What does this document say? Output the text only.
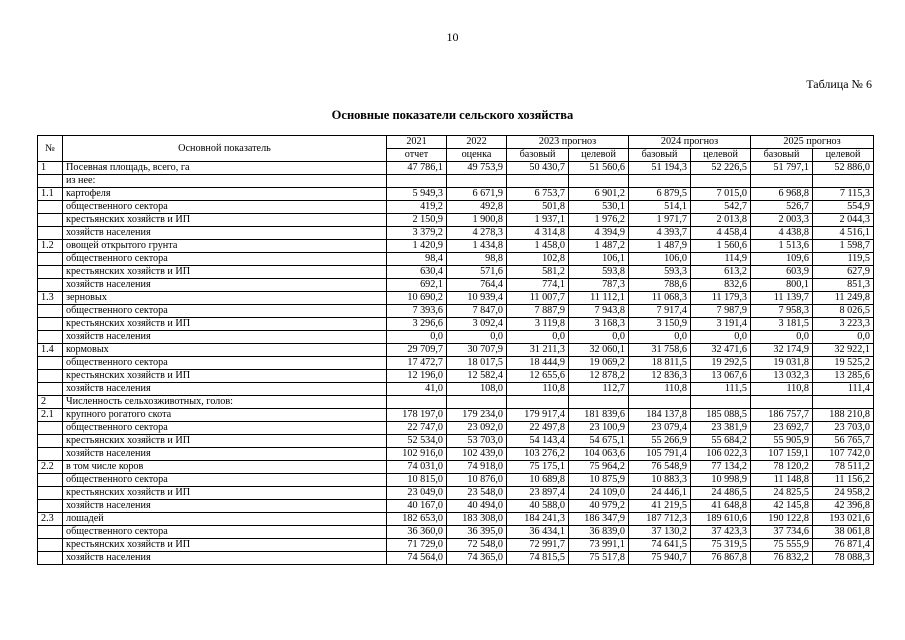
10
Таблица № 6
Основные показатели сельского хозяйства
№	Основной показатель	2021	2022	2023 прогноз		2024 прогноз		2025 прогноз	
		отчет	оценка	базовый	целевой	базовый	целевой	базовый	целевой
1	Посевная площадь, всего, га	47 786,1	49 753,9	50 430,7	51 560,6	51 194,3	52 226,5	51 797,1	52 886,0
	из нее:								
1.1	картофеля	5 949,3	6 671,9	6 753,7	6 901,2	6 879,5	7 015,0	6 968,8	7 115,3
	общественного сектора	419,2	492,8	501,8	530,1	514,1	542,7	526,7	554,9
	крестьянских хозяйств и ИП	2 150,9	1 900,8	1 937,1	1 976,2	1 971,7	2 013,8	2 003,3	2 044,3
	хозяйств населения	3 379,2	4 278,3	4 314,8	4 394,9	4 393,7	4 458,4	4 438,8	4 516,1
1.2	овощей открытого грунта	1 420,9	1 434,8	1 458,0	1 487,2	1 487,9	1 560,6	1 513,6	1 598,7
	общественного сектора	98,4	98,8	102,8	106,1	106,0	114,9	109,6	119,5
	крестьянских хозяйств и ИП	630,4	571,6	581,2	593,8	593,3	613,2	603,9	627,9
	хозяйств населения	692,1	764,4	774,1	787,3	788,6	832,6	800,1	851,3
1.3	зерновых	10 690,2	10 939,4	11 007,7	11 112,1	11 068,3	11 179,3	11 139,7	11 249,8
	общественного сектора	7 393,6	7 847,0	7 887,9	7 943,8	7 917,4	7 987,9	7 958,3	8 026,5
	крестьянских хозяйств и ИП	3 296,6	3 092,4	3 119,8	3 168,3	3 150,9	3 191,4	3 181,5	3 223,3
	хозяйств населения	0,0	0,0	0,0	0,0	0,0	0,0	0,0	0,0
1.4	кормовых	29 709,7	30 707,9	31 211,3	32 060,1	31 758,6	32 471,6	32 174,9	32 922,1
	общественного сектора	17 472,7	18 017,5	18 444,9	19 069,2	18 811,5	19 292,5	19 031,8	19 525,2
	крестьянских хозяйств и ИП	12 196,0	12 582,4	12 655,6	12 878,2	12 836,3	13 067,6	13 032,3	13 285,6
	хозяйств населения	41,0	108,0	110,8	112,7	110,8	111,5	110,8	111,4
2	Численность сельхозживотных, голов:								
2.1	крупного рогатого скота	178 197,0	179 234,0	179 917,4	181 839,6	184 137,8	185 088,5	186 757,7	188 210,8
	общественного сектора	22 747,0	23 092,0	22 497,8	23 100,9	23 079,4	23 381,9	23 692,7	23 703,0
	крестьянских хозяйств и ИП	52 534,0	53 703,0	54 143,4	54 675,1	55 266,9	55 684,2	55 905,9	56 765,7
	хозяйств населения	102 916,0	102 439,0	103 276,2	104 063,6	105 791,4	106 022,3	107 159,1	107 742,0
2.2	в том числе коров	74 031,0	74 918,0	75 175,1	75 964,2	76 548,9	77 134,2	78 120,2	78 511,2
	общественного сектора	10 815,0	10 876,0	10 689,8	10 875,9	10 883,3	10 998,9	11 148,8	11 156,2
	крестьянских хозяйств и ИП	23 049,0	23 548,0	23 897,4	24 109,0	24 446,1	24 486,5	24 825,5	24 958,2
	хозяйств населения	40 167,0	40 494,0	40 588,0	40 979,2	41 219,5	41 648,8	42 145,8	42 396,8
2.3	лошадей	182 653,0	183 308,0	184 241,3	186 347,9	187 712,3	189 610,6	190 122,8	193 021,6
	общественного сектора	36 360,0	36 395,0	36 434,1	36 839,0	37 130,2	37 423,3	37 734,6	38 061,8
	крестьянских хозяйств и ИП	71 729,0	72 548,0	72 991,7	73 991,1	74 641,5	75 319,5	75 555,9	76 871,4
	хозяйств населения	74 564,0	74 365,0	74 815,5	75 517,8	75 940,7	76 867,8	76 832,2	78 088,3
